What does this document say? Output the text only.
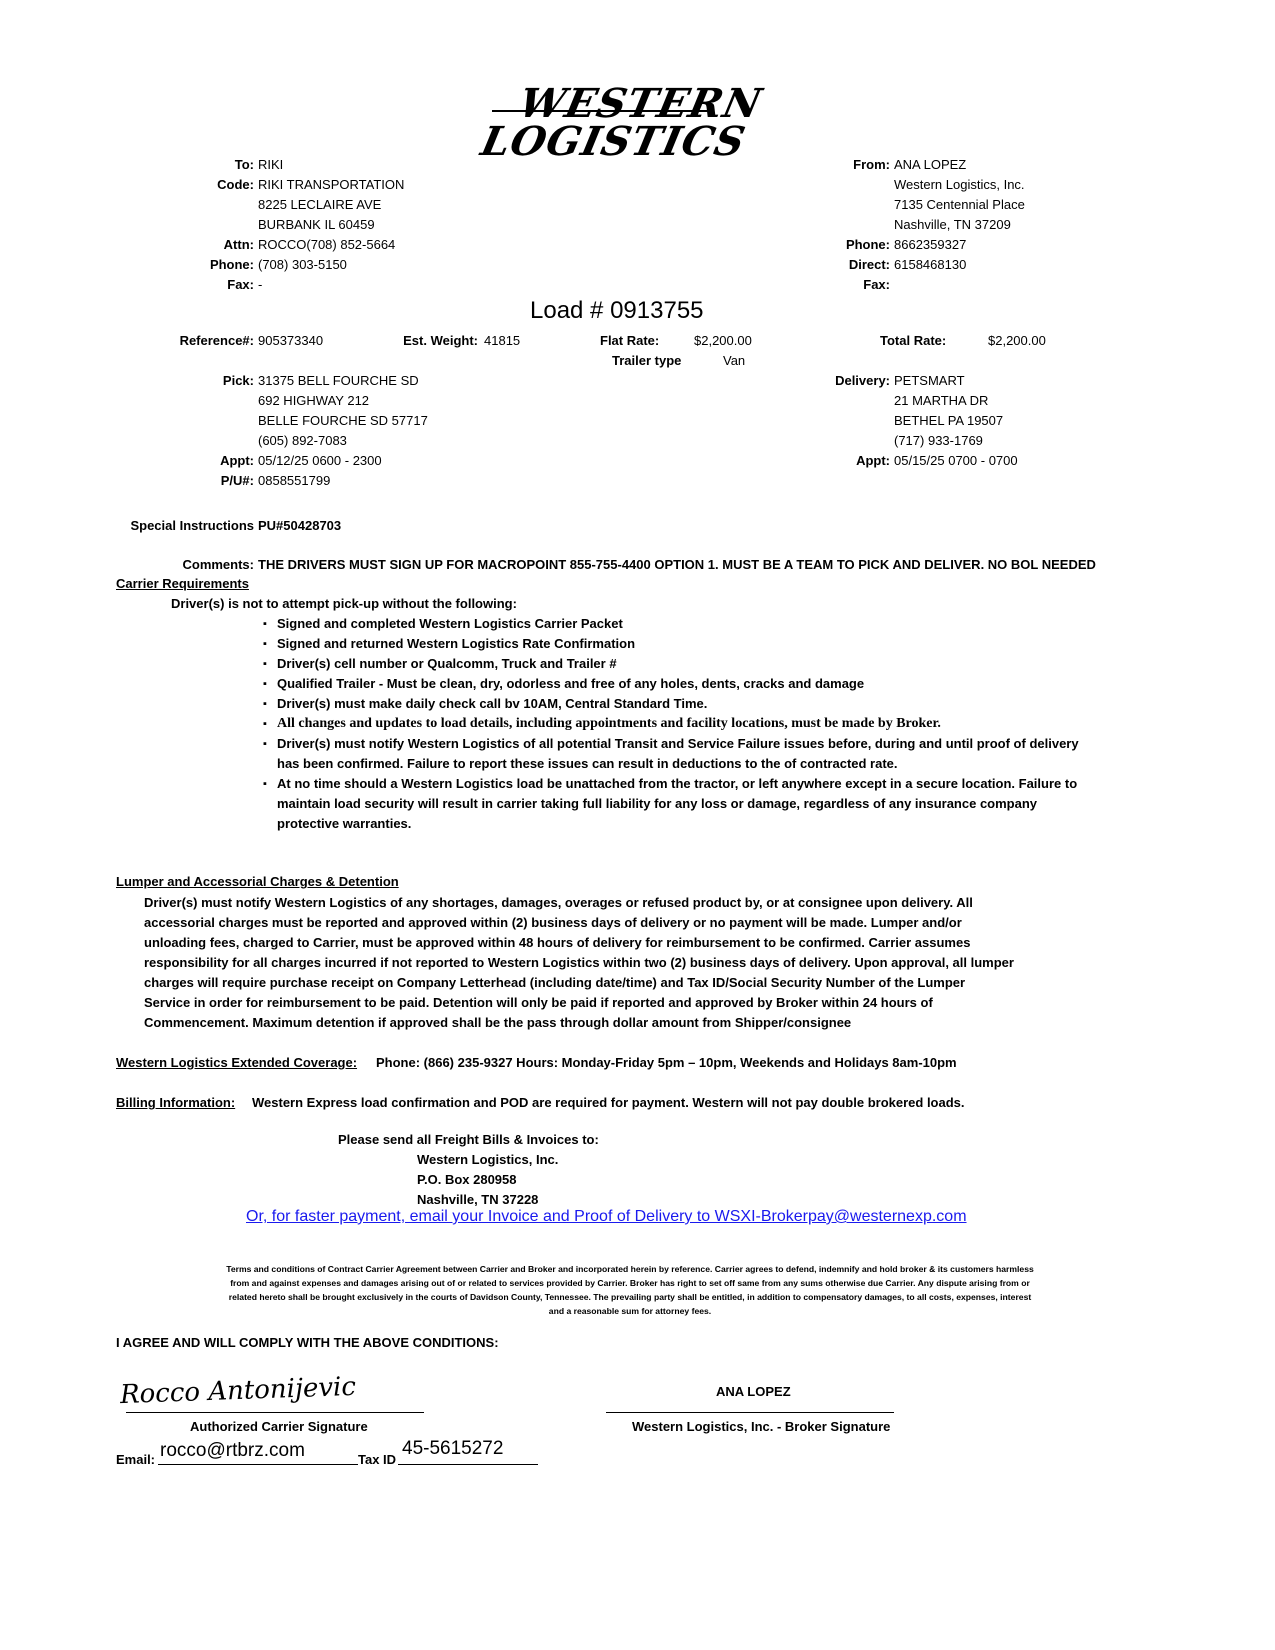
WESTERN
LOGISTICS
To: RIKI
Code: RIKI TRANSPORTATION
8225 LECLAIRE AVE
BURBANK IL 60459
Attn: ROCCO(708) 852-5664
Phone: (708) 303-5150
Fax: -
From: ANA LOPEZ
Western Logistics, Inc.
7135 Centennial Place
Nashville, TN 37209
Phone: 8662359327
Direct: 6158468130
Fax:
Load # 0913755
Reference#: 905373340	Est. Weight: 41815	Flat Rate:	$2,200.00
Trailer type	Van
Total Rate:	$2,200.00
Pick: 31375 BELL FOURCHE SD
692 HIGHWAY 212
BELLE FOURCHE SD 57717
(605) 892-7083
Appt: 05/12/25 0600 - 2300
P/U#: 0858551799
Delivery: PETSMART
21 MARTHA DR
BETHEL PA 19507
(717) 933-1769
Appt: 05/15/25 0700 - 0700
Special Instructions PU#50428703
Comments: THE DRIVERS MUST SIGN UP FOR MACROPOINT 855-755-4400 OPTION 1. MUST BE A TEAM TO PICK AND DELIVER. NO BOL NEEDED
Carrier Requirements
Driver(s) is not to attempt pick-up without the following:
▪ Signed and completed Western Logistics Carrier Packet
▪ Signed and returned Western Logistics Rate Confirmation
▪ Driver(s) cell number or Qualcomm, Truck and Trailer #
▪ Qualified Trailer - Must be clean, dry, odorless and free of any holes, dents, cracks and damage
▪ Driver(s) must make daily check call bv 10AM, Central Standard Time.
▪ All changes and updates to load details, including appointments and facility locations, must be made by Broker.
▪ Driver(s) must notify Western Logistics of all potential Transit and Service Failure issues before, during and until proof of delivery has been confirmed. Failure to report these issues can result in deductions to the of contracted rate.
▪ At no time should a Western Logistics load be unattached from the tractor, or left anywhere except in a secure location. Failure to maintain load security will result in carrier taking full liability for any loss or damage, regardless of any insurance company protective warranties.
Lumper and Accessorial Charges & Detention
Driver(s) must notify Western Logistics of any shortages, damages, overages or refused product by, or at consignee upon delivery. All accessorial charges must be reported and approved within (2) business days of delivery or no payment will be made. Lumper and/or unloading fees, charged to Carrier, must be approved within 48 hours of delivery for reimbursement to be confirmed. Carrier assumes responsibility for all charges incurred if not reported to Western Logistics within two (2) business days of delivery. Upon approval, all lumper charges will require purchase receipt on Company Letterhead (including date/time) and Tax ID/Social Security Number of the Lumper Service in order for reimbursement to be paid. Detention will only be paid if reported and approved by Broker within 24 hours of Commencement. Maximum detention if approved shall be the pass through dollar amount from Shipper/consignee
Western Logistics Extended Coverage: Phone: (866) 235-9327 Hours: Monday-Friday 5pm – 10pm, Weekends and Holidays 8am-10pm
Billing Information: Western Express load confirmation and POD are required for payment. Western will not pay double brokered loads.
Please send all Freight Bills & Invoices to:
Western Logistics, Inc.
P.O. Box 280958
Nashville, TN 37228
Or, for faster payment, email your Invoice and Proof of Delivery to WSXI-Brokerpay@westernexp.com
Terms and conditions of Contract Carrier Agreement between Carrier and Broker and incorporated herein by reference. Carrier agrees to defend, indemnify and hold broker & its customers harmless from and against expenses and damages arising out of or related to services provided by Carrier. Broker has right to set off same from any sums otherwise due Carrier. Any dispute arising from or related hereto shall be brought exclusively in the courts of Davidson County, Tennessee. The prevailing party shall be entitled, in addition to compensatory damages, to all costs, expenses, interest and a reasonable sum for attorney fees.
I AGREE AND WILL COMPLY WITH THE ABOVE CONDITIONS:
Rocco Antonijevic
Authorized Carrier Signature
ANA LOPEZ
Western Logistics, Inc. - Broker Signature
Email: rocco@rtbrz.com	Tax ID
45-5615272
